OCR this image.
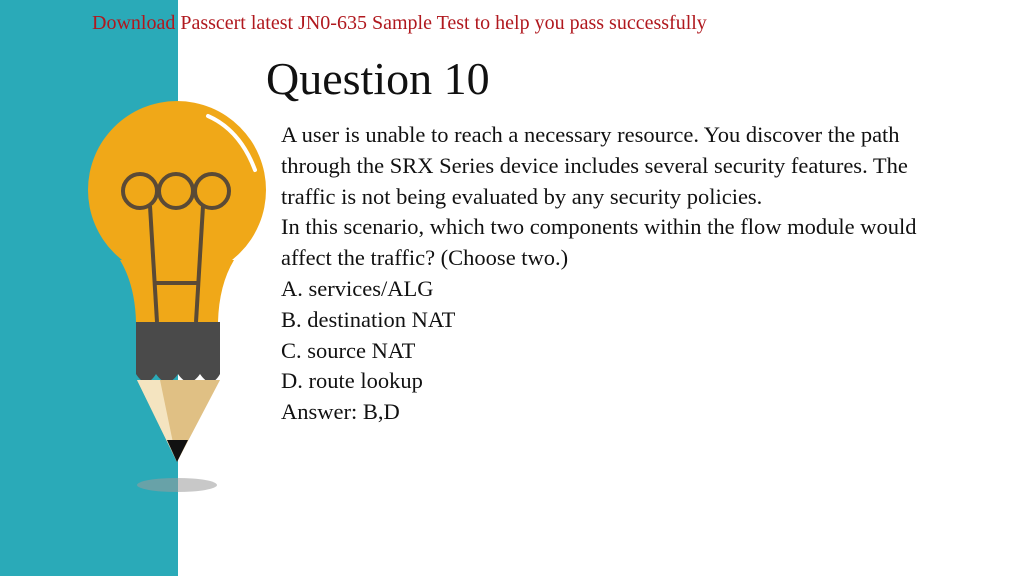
Download Passcert latest JN0-635 Sample Test to help you pass successfully
Question 10
A user is unable to reach a necessary resource. You discover the path
through the SRX Series device includes several security features. The
traffic is not being evaluated by any security policies.
In this scenario, which two components within the flow module would
affect the traffic? (Choose two.)
A. services/ALG
B. destination NAT
C. source NAT
D. route lookup
Answer: B,D
